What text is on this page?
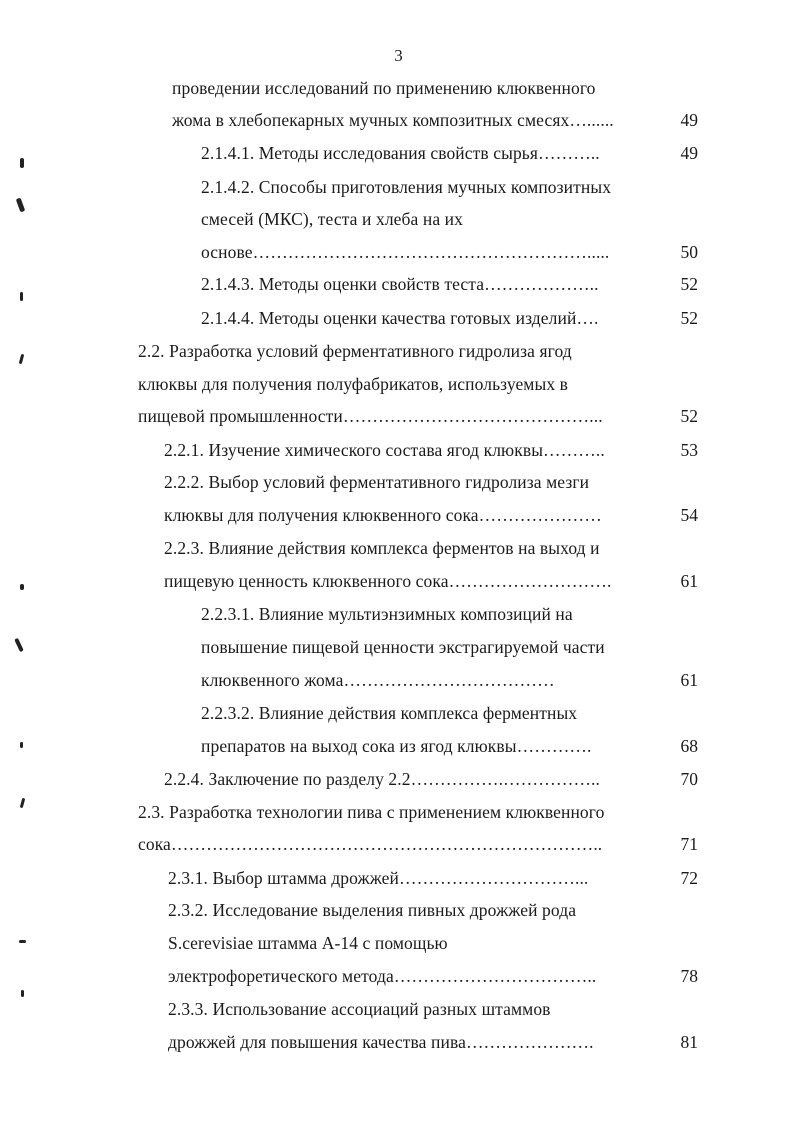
3
проведении исследований по применению клюквенного
жома в хлебопекарных мучных композитных смесях…......
2.1.4.1. Методы исследования свойств сырья………..
2.1.4.2. Способы приготовления мучных композитных
смесей (МКС), теста и хлеба на их
основе………………………………………………….....
2.1.4.3. Методы оценки свойств теста………………..
2.1.4.4. Методы оценки качества готовых изделий….
2.2. Разработка условий ферментативного гидролиза ягод
клюквы для получения полуфабрикатов, используемых в
пищевой промышленности……………………………………...
2.2.1. Изучение химического состава ягод клюквы………..
2.2.2. Выбор условий ферментативного гидролиза мезги
клюквы для получения клюквенного сока…………………
2.2.3. Влияние действия комплекса ферментов на выход и
пищевую ценность клюквенного сока……………………….
2.2.3.1. Влияние мультиэнзимных композиций на
повышение пищевой ценности экстрагируемой части
клюквенного жома………………………………
2.2.3.2. Влияние действия комплекса ферментных
препаратов на выход сока из ягод клюквы………….
2.2.4. Заключение по разделу 2.2…………….……………..
2.3. Разработка технологии пива с применением клюквенного
сока………………………………………………………………..
2.3.1. Выбор штамма дрожжей…………………………...
2.3.2. Исследование выделения пивных дрожжей рода
S.cerevisiae штамма А-14 с помощью
электрофоретического метода……………………………..
2.3.3. Использование ассоциаций разных штаммов
дрожжей для повышения качества пива………………….
49
49
50
52
52
52
53
54
61
61
68
70
71
72
78
81
